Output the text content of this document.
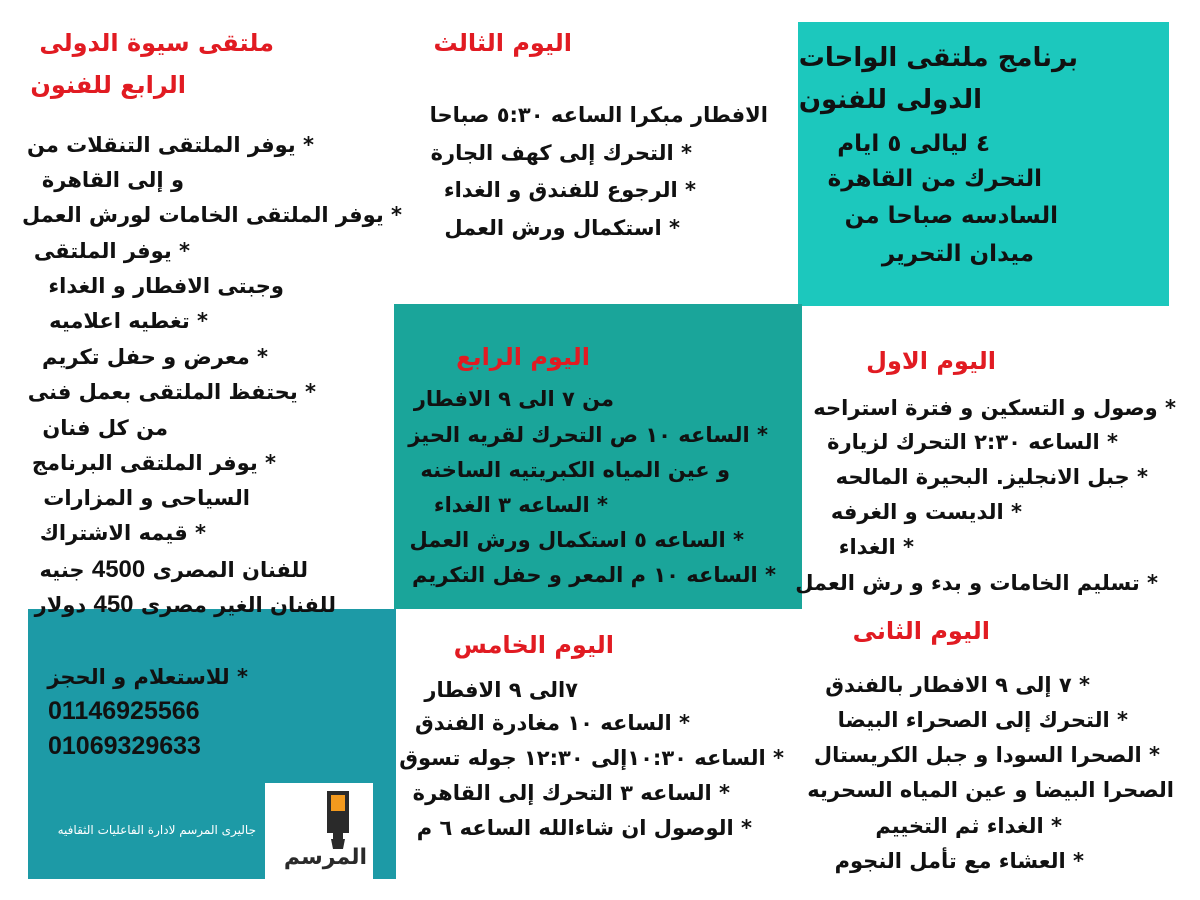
برنامج ملتقى الواحات
الدولى للفنون
٤ ليالى ٥ ايام
التحرك من القاهرة
السادسه صباحا من
ميدان التحرير
اليوم الاول
* وصول و التسكين و فترة استراحه
* الساعه ٢:٣٠ التحرك لزيارة
* جبل الانجليز. البحيرة المالحه
* الديست و الغرفه
* الغداء
* تسليم الخامات و بدء و رش العمل
اليوم الثانى
* ٧ إلى ٩ الافطار بالفندق
* التحرك إلى الصحراء البيضا
* الصحرا السودا و جبل الكريستال
الصحرا البيضا و عين المياه السحريه
* الغداء ثم التخييم
* العشاء مع تأمل النجوم
اليوم الثالث
الافطار مبكرا الساعه ٥:٣٠ صباحا
* التحرك إلى كهف الجارة
* الرجوع للفندق و الغداء
* استكمال ورش العمل
اليوم الرابع
من ٧ الى ٩ الافطار
* الساعه ١٠ ص التحرك لقريه الحيز
و عين المياه الكبريتيه الساخنه
* الساعه ٣ الغداء
* الساعه ٥ استكمال ورش العمل
* الساعه ١٠ م المعر و حفل التكريم
اليوم الخامس
٧الى ٩ الافطار
* الساعه ١٠ مغادرة الفندق
* الساعه ١٠:٣٠إلى ١٢:٣٠ جوله تسوق
* الساعه ٣ التحرك إلى القاهرة
* الوصول ان شاءالله الساعه ٦ م
ملتقى سيوة الدولى
الرابع للفنون
* يوفر الملتقى التنقلات من
و إلى القاهرة
* يوفر الملتقى الخامات لورش العمل
* يوفر الملتقى
وجبتى الافطار و الغداء
* تغطيه اعلاميه
* معرض و حفل تكريم
* يحتفظ الملتقى بعمل فنى
من كل فنان
* يوفر الملتقى البرنامج
السياحى و المزارات
* قيمه الاشتراك
للفنان المصرى 4500 جنيه
للفنان الغير مصرى 450 دولار
* للاستعلام و الحجز
01146925566
01069329633
المرسم
جاليرى المرسم لادارة الفاعليات الثقافيه
